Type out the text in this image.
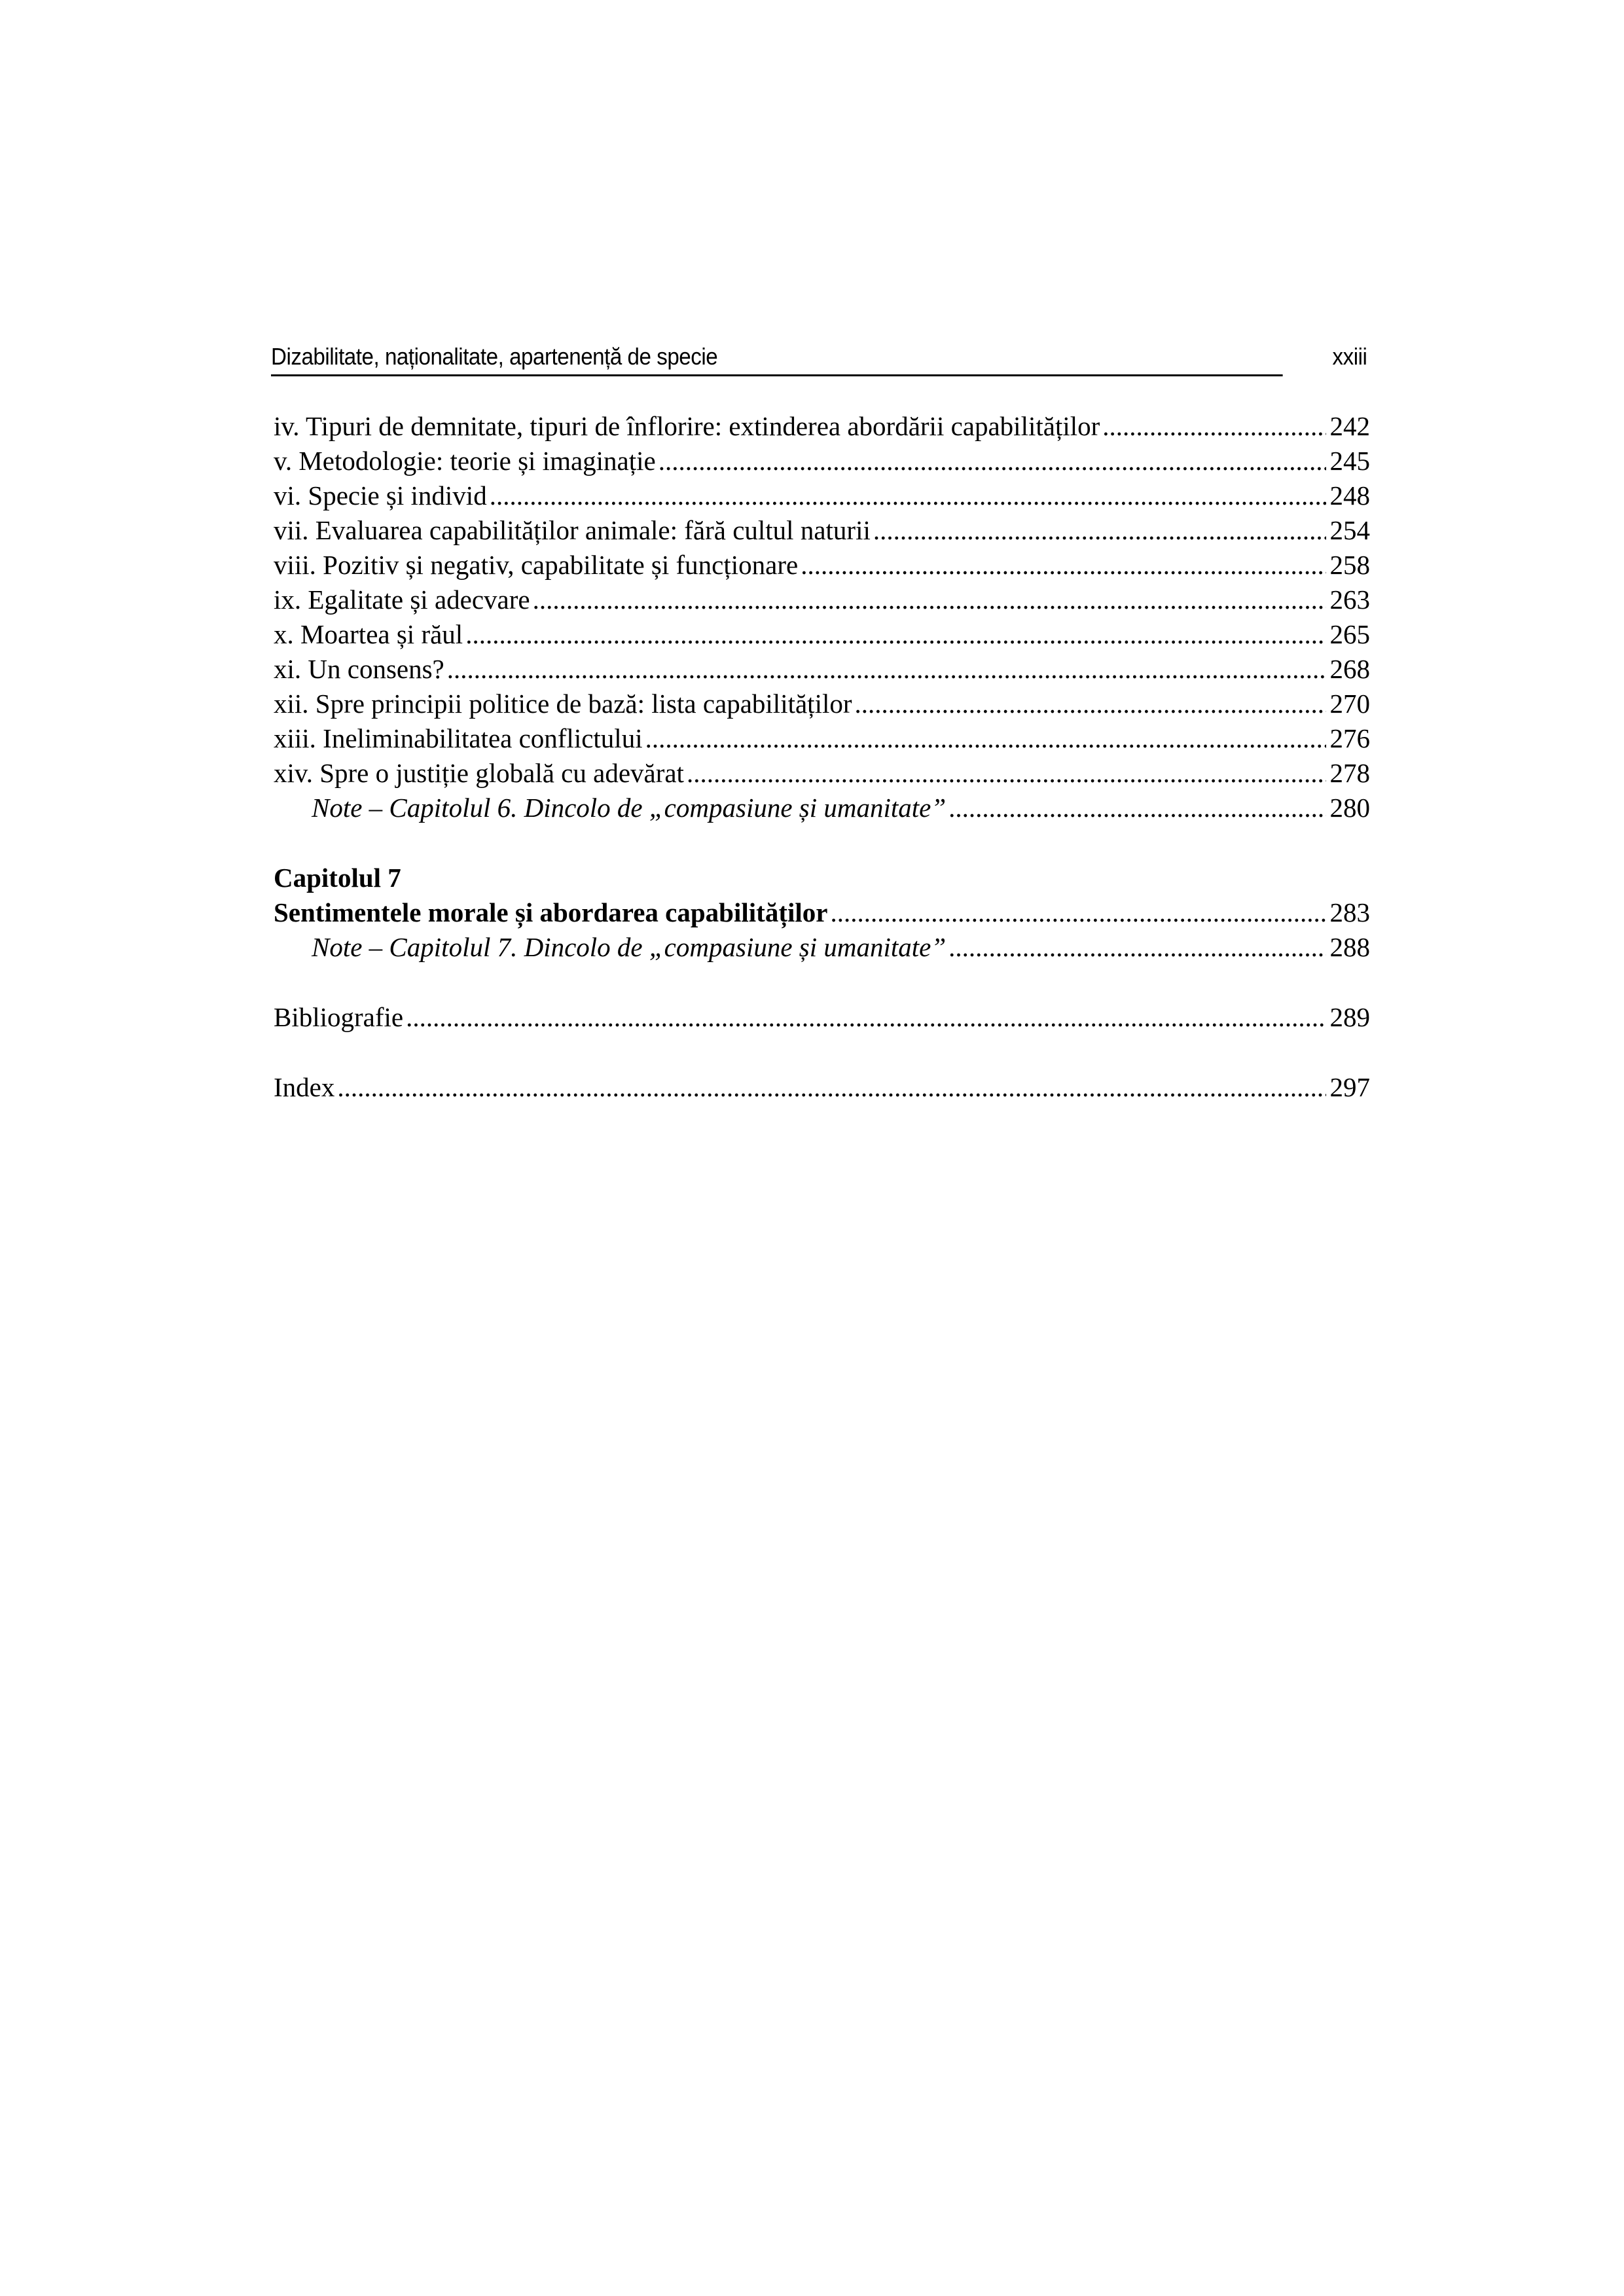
Dizabilitate, naționalitate, apartenență de specie	xxiii
iv. Tipuri de demnitate, tipuri de înflorire: extinderea abordării capabilităților .....	242
v. Metodologie: teorie și imaginație .....	245
vi. Specie și individ .....	248
vii. Evaluarea capabilităților animale: fără cultul naturii .....	254
viii. Pozitiv și negativ, capabilitate și funcționare .....	258
ix. Egalitate și adecvare .....	263
x. Moartea și răul .....	265
xi. Un consens? .....	268
xii. Spre principii politice de bază: lista capabilităților .....	270
xiii. Ineliminabilitatea conflictului .....	276
xiv. Spre o justiție globală cu adevărat .....	278
Note – Capitolul 6. Dincolo de „compasiune și umanitate” .....	280
Capitolul 7
Sentimentele morale și abordarea capabilităților .....	283
Note – Capitolul 7. Dincolo de „compasiune și umanitate” .....	288
Bibliografie .....	289
Index .....	297
